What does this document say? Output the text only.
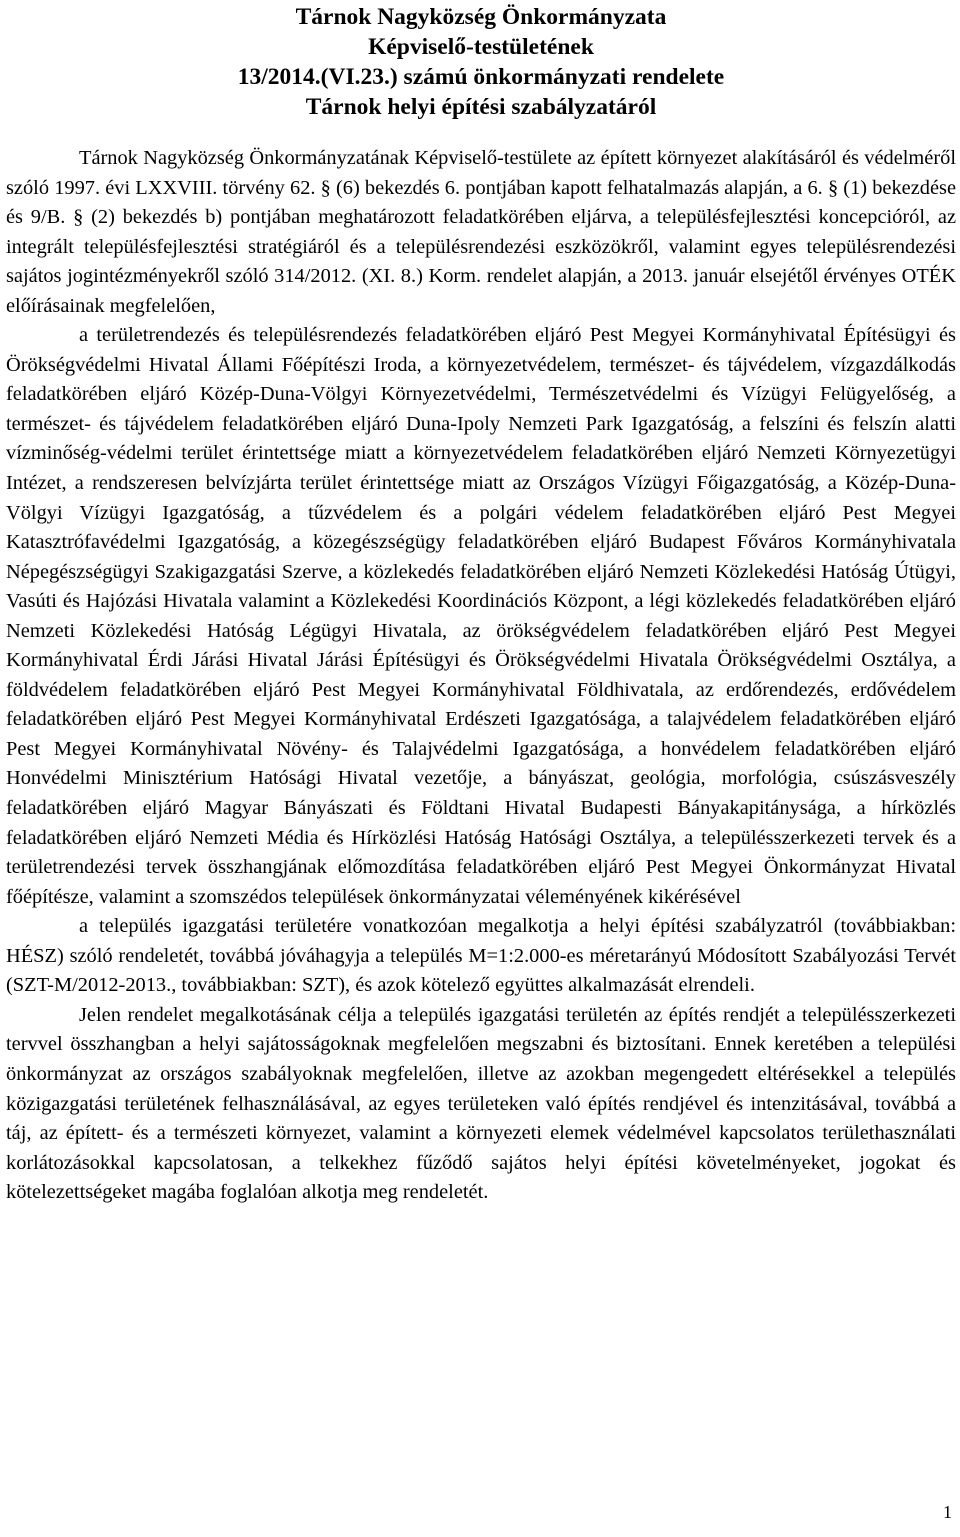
Tárnok Nagyközség Önkormányzata
Képviselő-testületének
13/2014.(VI.23.) számú önkormányzati rendelete
Tárnok helyi építési szabályzatáról

Tárnok Nagyközség Önkormányzatának Képviselő-testülete az épített környezet alakításáról és védelméről szóló 1997. évi LXXVIII. törvény 62. § (6) bekezdés 6. pontjában kapott felhatalmazás alapján, a 6. § (1) bekezdése és 9/B. § (2) bekezdés b) pontjában meghatározott feladatkörében eljárva, a településfejlesztési koncepcióról, az integrált településfejlesztési stratégiáról és a településrendezési eszközökről, valamint egyes településrendezési sajátos jogintézményekről szóló 314/2012. (XI. 8.) Korm. rendelet alapján, a 2013. január elsejétől érvényes OTÉK előírásainak megfelelően,

a területrendezés és településrendezés feladatkörében eljáró Pest Megyei Kormányhivatal Építésügyi és Örökségvédelmi Hivatal Állami Főépítészi Iroda, a környezetvédelem, természet- és tájvédelem, vízgazdálkodás feladatkörében eljáró Közép-Duna-Völgyi Környezetvédelmi, Természetvédelmi és Vízügyi Felügyelőség, a természet- és tájvédelem feladatkörében eljáró Duna-Ipoly Nemzeti Park Igazgatóság, a felszíni és felszín alatti vízminőség-védelmi terület érintettsége miatt a környezetvédelem feladatkörében eljáró Nemzeti Környezetügyi Intézet, a rendszeresen belvízjárta terület érintettsége miatt az Országos Vízügyi Főigazgatóság, a Közép-Duna-Völgyi Vízügyi Igazgatóság, a tűzvédelem és a polgári védelem feladatkörében eljáró Pest Megyei Katasztrófavédelmi Igazgatóság, a közegészségügy feladatkörében eljáró Budapest Főváros Kormányhivatala Népegészségügyi Szakigazgatási Szerve, a közlekedés feladatkörében eljáró Nemzeti Közlekedési Hatóság Útügyi, Vasúti és Hajózási Hivatala valamint a Közlekedési Koordinációs Központ, a légi közlekedés feladatkörében eljáró Nemzeti Közlekedési Hatóság Légügyi Hivatala, az örökségvédelem feladatkörében eljáró Pest Megyei Kormányhivatal Érdi Járási Hivatal Járási Építésügyi és Örökségvédelmi Hivatala Örökségvédelmi Osztálya, a földvédelem feladatkörében eljáró Pest Megyei Kormányhivatal Földhivatala, az erdőrendezés, erdővédelem feladatkörében eljáró Pest Megyei Kormányhivatal Erdészeti Igazgatósága, a talajvédelem feladatkörében eljáró Pest Megyei Kormányhivatal Növény- és Talajvédelmi Igazgatósága, a honvédelem feladatkörében eljáró Honvédelmi Minisztérium Hatósági Hivatal vezetője, a bányászat, geológia, morfológia, csúszásveszély feladatkörében eljáró Magyar Bányászati és Földtani Hivatal Budapesti Bányakapitánysága, a hírközlés feladatkörében eljáró Nemzeti Média és Hírközlési Hatóság Hatósági Osztálya, a településszerkezeti tervek és a területrendezési tervek összhangjának előmozdítása feladatkörében eljáró Pest Megyei Önkormányzat Hivatal főépítésze, valamint a szomszédos települések önkormányzatai véleményének kikérésével

a település igazgatási területére vonatkozóan megalkotja a helyi építési szabályzatról (továbbiakban: HÉSZ) szóló rendeletét, továbbá jóváhagyja a település M=1:2.000-es méretarányú Módosított Szabályozási Tervét (SZT-M/2012-2013., továbbiakban: SZT), és azok kötelező együttes alkalmazását elrendeli.

Jelen rendelet megalkotásának célja a település igazgatási területén az építés rendjét a településszerkezeti tervvel összhangban a helyi sajátosságoknak megfelelően megszabni és biztosítani. Ennek keretében a települési önkormányzat az országos szabályoknak megfelelően, illetve az azokban megengedett eltérésekkel a település közigazgatási területének felhasználásával, az egyes területeken való építés rendjével és intenzitásával, továbbá a táj, az épített- és a természeti környezet, valamint a környezeti elemek védelmével kapcsolatos területhasználati korlátozásokkal kapcsolatosan, a telkekhez fűződő sajátos helyi építési követelményeket, jogokat és kötelezettségeket magába foglalóan alkotja meg rendeletét.

1
